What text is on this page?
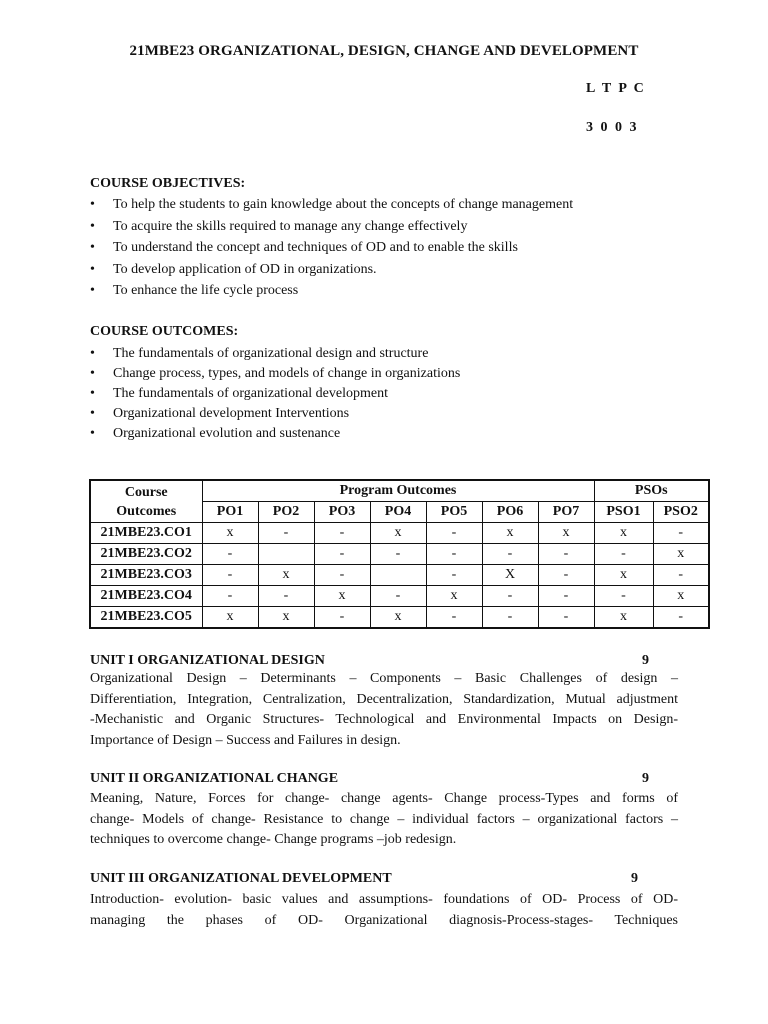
21MBE23 ORGANIZATIONAL, DESIGN, CHANGE AND DEVELOPMENT
L T P C
3 0 0 3
COURSE OBJECTIVES:
• To help the students to gain knowledge about the concepts of change management
• To acquire the skills required to manage any change effectively
• To understand the concept and techniques of OD and to enable the skills
• To develop application of OD in organizations.
• To enhance the life cycle process
COURSE OUTCOMES:
• The fundamentals of organizational design and structure
• Change process, types, and models of change in organizations
• The fundamentals of organizational development
• Organizational development Interventions
• Organizational evolution and sustenance
Course
Outcomes	Program Outcomes							PSOs	
	PO1	PO2	PO3	PO4	PO5	PO6	PO7	PSO1	PSO2
21MBE23.CO1	x	-	-	x	-	x	x	x	-
21MBE23.CO2	-		-	-	-	-	-	-	x
21MBE23.CO3	-	x	-		-	X	-	x	-
21MBE23.CO4	-	-	x	-	x	-	-	-	x
21MBE23.CO5	x	x	-	x	-	-	-	x	-
UNIT I ORGANIZATIONAL DESIGN	9
Organizational Design – Determinants – Components – Basic Challenges of design –
Differentiation, Integration, Centralization, Decentralization, Standardization, Mutual adjustment
-Mechanistic and Organic Structures- Technological and Environmental Impacts on Design-
Importance of Design – Success and Failures in design.
UNIT II ORGANIZATIONAL CHANGE	9
Meaning, Nature, Forces for change- change agents- Change process-Types and forms of
change- Models of change- Resistance to change – individual factors – organizational factors –
techniques to overcome change- Change programs –job redesign.
UNIT III ORGANIZATIONAL DEVELOPMENT	9
Introduction- evolution- basic values and assumptions- foundations of OD- Process of OD-
managing the phases of OD- Organizational diagnosis-Process-stages- Techniques
